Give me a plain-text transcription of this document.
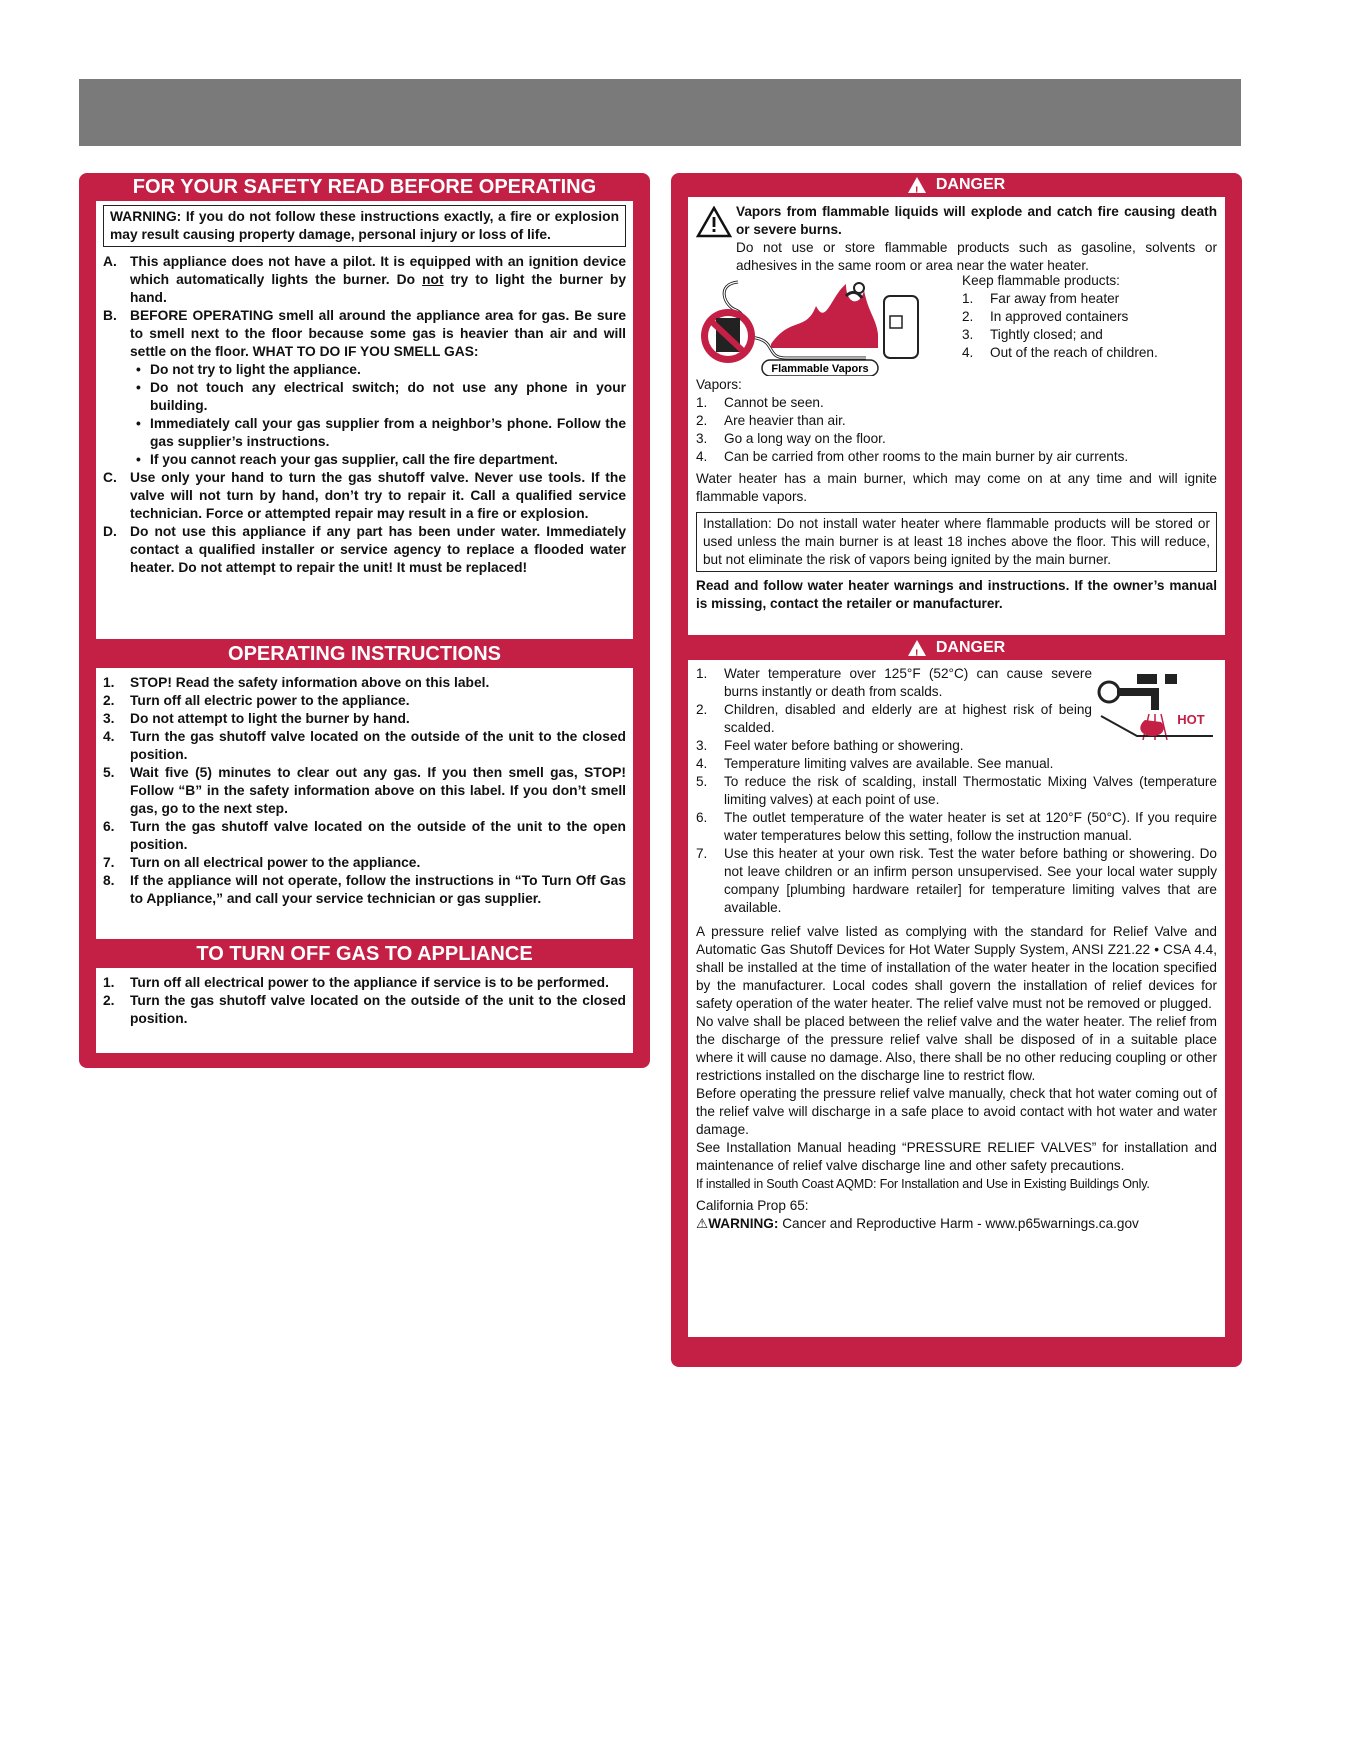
FOR YOUR SAFETY READ BEFORE OPERATING
WARNING: If you do not follow these instructions exactly, a fire or explosion may result causing property damage, personal injury or loss of life.
A. This appliance does not have a pilot. It is equipped with an ignition device which automatically lights the burner. Do not try to light the burner by hand.
B. BEFORE OPERATING smell all around the appliance area for gas. Be sure to smell next to the floor because some gas is heavier than air and will settle on the floor. WHAT TO DO IF YOU SMELL GAS:
• Do not try to light the appliance.
• Do not touch any electrical switch; do not use any phone in your building.
• Immediately call your gas supplier from a neighbor’s phone. Follow the gas supplier’s instructions.
• If you cannot reach your gas supplier, call the fire department.
C. Use only your hand to turn the gas shutoff valve. Never use tools. If the valve will not turn by hand, don’t try to repair it. Call a qualified service technician. Force or attempted repair may result in a fire or explosion.
D. Do not use this appliance if any part has been under water. Immediately contact a qualified installer or service agency to replace a flooded water heater. Do not attempt to repair the unit! It must be replaced!
OPERATING INSTRUCTIONS
1.	STOP! Read the safety information above on this label.
2.	Turn off all electric power to the appliance.
3.	Do not attempt to light the burner by hand.
4.	Turn the gas shutoff valve located on the outside of the unit to the closed position.
5.	Wait five (5) minutes to clear out any gas. If you then smell gas, STOP! Follow “B” in the safety information above on this label. If you don’t smell gas, go to the next step.
6.	Turn the gas shutoff valve located on the outside of the unit to the open position.
7.	Turn on all electrical power to the appliance.
8.	If the appliance will not operate, follow the instructions in “To Turn Off Gas to Appliance,” and call your service technician or gas supplier.
TO TURN OFF GAS TO APPLIANCE
1.	Turn off all electrical power to the appliance if service is to be performed.
2.	Turn the gas shutoff valve located on the outside of the unit to the closed position.
!
DANGER

Vapors from flammable liquids will explode and catch fire causing death or severe burns.

Do not use or store flammable products such as gasoline, solvents or adhesives in the same room or area near the water heater.

Flammable Vapors

Keep flammable products:

1.	Far away from heater
2.	In approved containers
3.	Tightly closed; and
4.	Out of the reach of children.

Vapors:

1.	Cannot be seen.
2.	Are heavier than air.
3.	Go a long way on the floor.
4.	Can be carried from other rooms to the main burner by air currents.

Water heater has a main burner, which may come on at any time and will ignite flammable vapors.

Installation: Do not install water heater where flammable products will be stored or used unless the main burner is at least 18 inches above the floor. This will reduce, but not eliminate the risk of vapors being ignited by the main burner.

Read and follow water heater warnings and instructions. If the owner’s manual is missing, contact the retailer or manufacturer.

!
DANGER
HOT
1.	Water temperature over 125°F (52°C) can cause severe burns instantly or death from scalds.
2.	Children, disabled and elderly are at highest risk of being scalded.
3.	Feel water before bathing or showering.
4.	Temperature limiting valves are available. See manual.
5.	To reduce the risk of scalding, install Thermostatic Mixing Valves (temperature limiting valves) at each point of use.
6.	The outlet temperature of the water heater is set at 120°F (50°C). If you require water temperatures below this setting, follow the instruction manual.
7.	Use this heater at your own risk. Test the water before bathing or showering. Do not leave children or an infirm person unsupervised. See your local water supply company [plumbing hardware retailer] for temperature limiting valves that are available.

A pressure relief valve listed as complying with the standard for Relief Valve and Automatic Gas Shutoff Devices for Hot Water Supply System, ANSI Z21.22 • CSA 4.4, shall be installed at the time of installation of the water heater in the location specified by the manufacturer. Local codes shall govern the installation of relief devices for safety operation of the water heater. The relief valve must not be removed or plugged.

No valve shall be placed between the relief valve and the water heater. The relief from the discharge of the pressure relief valve shall be disposed of in a suitable place where it will cause no damage. Also, there shall be no other reducing coupling or other restrictions installed on the discharge line to restrict flow.

Before operating the pressure relief valve manually, check that hot water coming out of the relief valve will discharge in a safe place to avoid contact with hot water and water damage.

See Installation Manual heading “PRESSURE RELIEF VALVES” for installation and maintenance of relief valve discharge line and other safety precautions.

If installed in South Coast AQMD: For Installation and Use in Existing Buildings Only.

California Prop 65:

⚠WARNING: Cancer and Reproductive Harm - www.p65warnings.ca.gov
